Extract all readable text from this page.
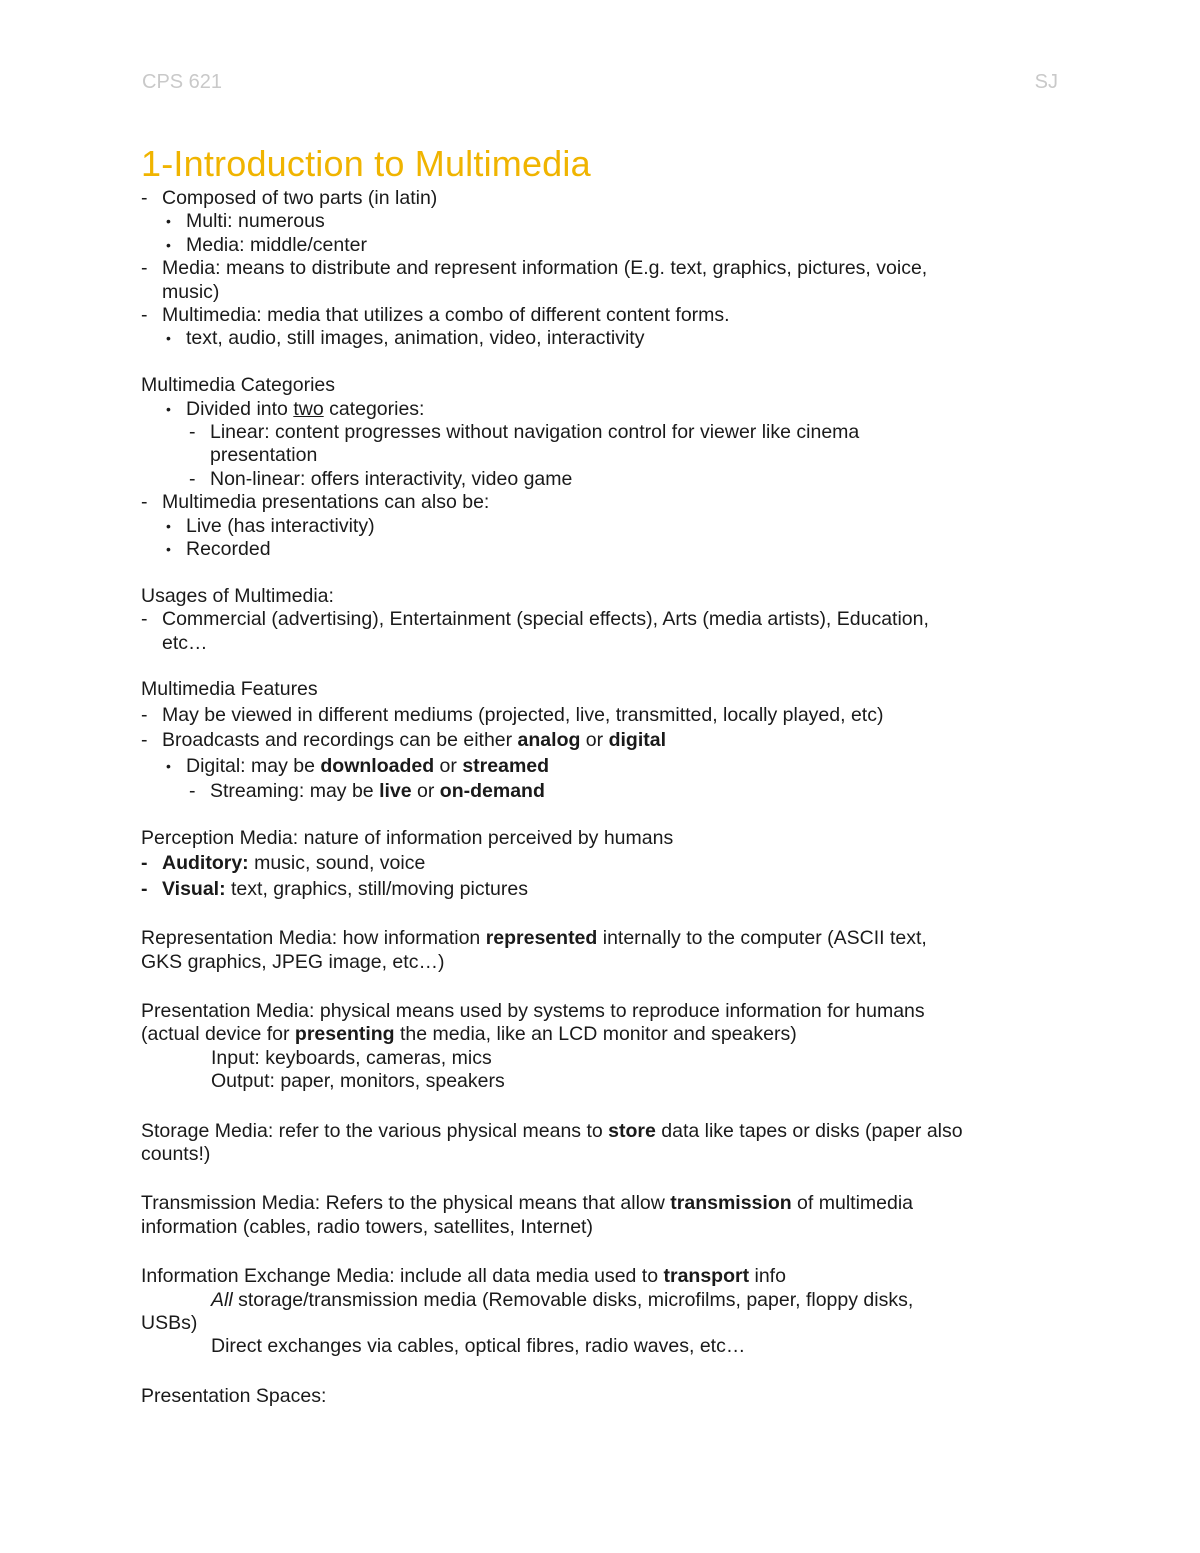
CPS 621	SJ
1-Introduction to Multimedia
- Composed of two parts (in latin)
• Multi: numerous
• Media: middle/center
- Media: means to distribute and represent information (E.g. text, graphics, pictures, voice,
music)
- Multimedia: media that utilizes a combo of different content forms.
• text, audio, still images, animation, video, interactivity
Multimedia Categories
• Divided into two categories:
- Linear: content progresses without navigation control for viewer like cinema
presentation
- Non-linear: offers interactivity, video game
- Multimedia presentations can also be:
• Live (has interactivity)
• Recorded
Usages of Multimedia:
- Commercial (advertising), Entertainment (special effects), Arts (media artists), Education,
etc…
Multimedia Features
- May be viewed in different mediums (projected, live, transmitted, locally played, etc)
- Broadcasts and recordings can be either analog or digital
• Digital: may be downloaded or streamed
- Streaming: may be live or on-demand
Perception Media: nature of information perceived by humans
- Auditory: music, sound, voice
- Visual: text, graphics, still/moving pictures
Representation Media: how information represented internally to the computer (ASCII text,
GKS graphics, JPEG image, etc…)
Presentation Media: physical means used by systems to reproduce information for humans
(actual device for presenting the media, like an LCD monitor and speakers)
Input: keyboards, cameras, mics
Output: paper, monitors, speakers
Storage Media: refer to the various physical means to store data like tapes or disks (paper also
counts!)
Transmission Media: Refers to the physical means that allow transmission of multimedia
information (cables, radio towers, satellites, Internet)
Information Exchange Media: include all data media used to transport info
All storage/transmission media (Removable disks, microfilms, paper, floppy disks,
USBs)
Direct exchanges via cables, optical fibres, radio waves, etc…
Presentation Spaces:
